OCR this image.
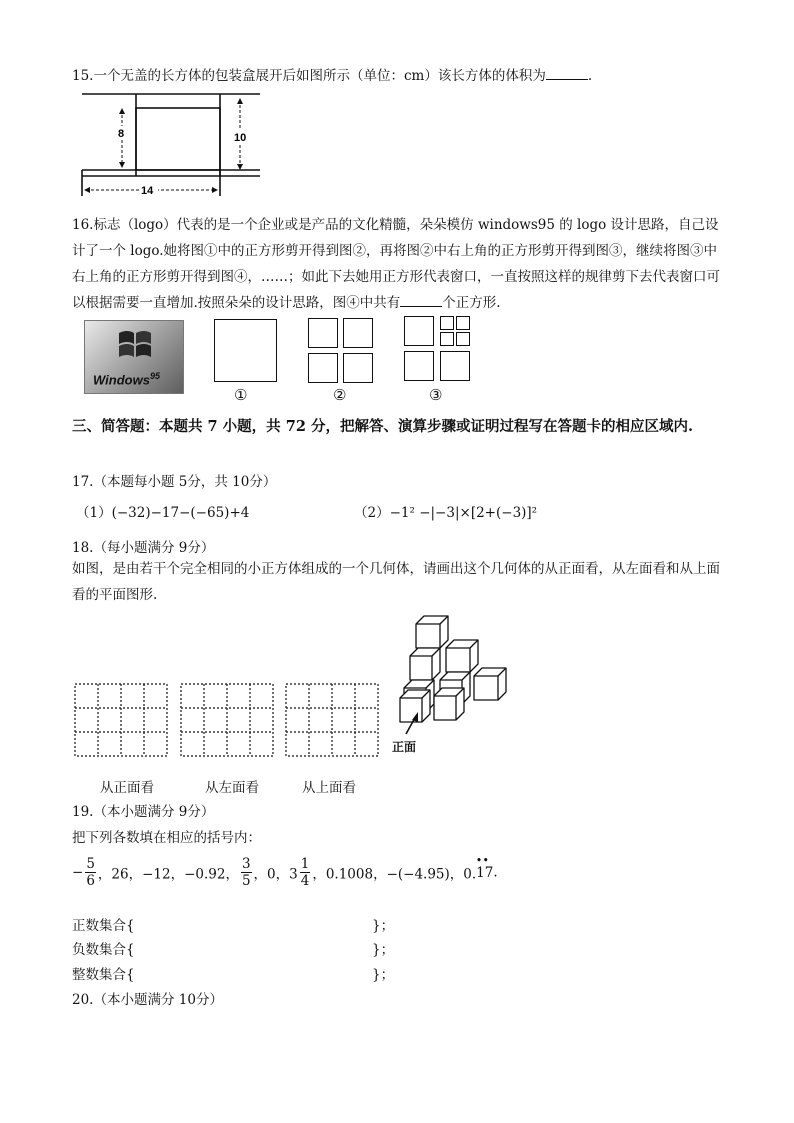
15.一个无盖的长方体的包装盒展开后如图所示（单位：cm）该长方体的体积为	.
8	10
14
16.标志（logo）代表的是一个企业或是产品的文化精髓，朵朵模仿 windows95 的 logo 设计思路，自己设计了一个 logo.她将图①中的正方形剪开得到图②，再将图②中右上角的正方形剪开得到图③，继续将图③中右上角的正方形剪开得到图④，……；如此下去她用正方形代表窗口，一直按照这样的规律剪下去代表窗口可以根据需要一直增加.按照朵朵的设计思路，图④中共有	个正方形.
Windows$^{95}$
①	②	③
三、简答题：本题共 7 小题，共 72 分，把解答、演算步骤或证明过程写在答题卡的相应区域内.
17.（本题每小题 5分，共 10分）
（1）(−32)−17−(−65)+4	（2）−1² −|−3|×[2+(−3)]²
18.（每小题满分 9分）
如图，是由若干个完全相同的小正方体组成的一个几何体，请画出这个几何体的从正面看，从左面看和从上面看的平面图形.
从正面看	从左面看	从上面看
正面
19.（本小题满分 9分）
把下列各数填在相应的括号内：
− $\frac{5}{6}$ ，26，−12，−0.92， $\frac{3}{5}$ ，0，$3 \frac{1}{4}$ ，0.1008，−(−4.95)，0.
••
17.
正数集合{	}；
负数集合{	}；
整数集合{	}；
20.（本小题满分 10分）
